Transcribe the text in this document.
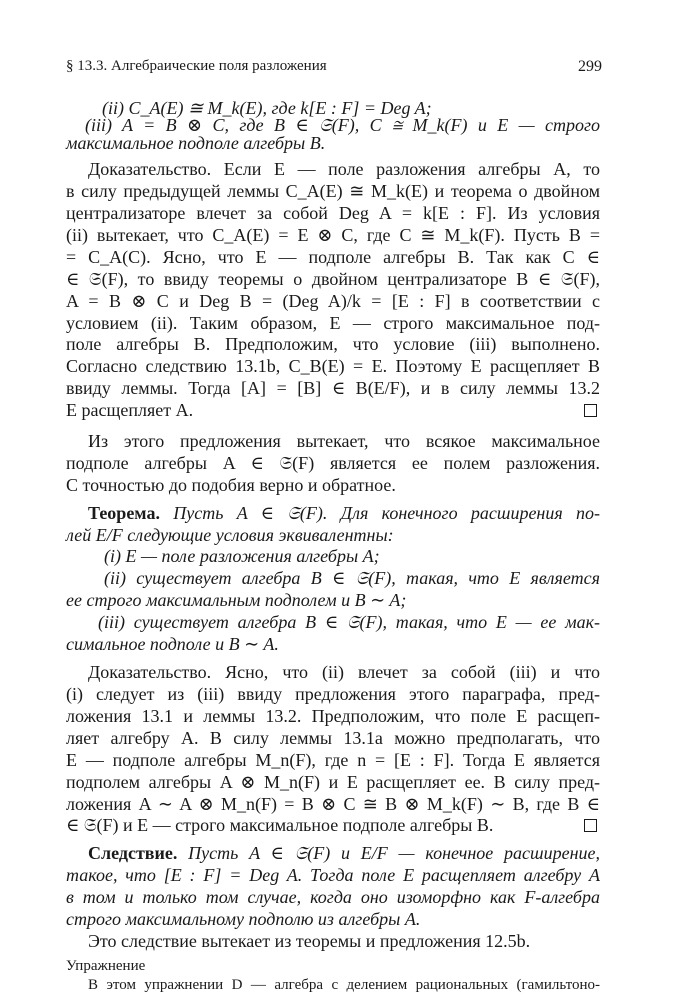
§ 13.3. Алгебраические поля разложения	299
(ii) C_A(E) ≅ M_k(E), где k[E : F] = Deg A;
(iii) A = B ⊗ C, где B ∈ 𝔖(F), C ≅ M_k(F) и E — строго
максимальное подполе алгебры B.
Доказательство. Если E — поле разложения алгебры A, то
в силу предыдущей леммы C_A(E) ≅ M_k(E) и теорема о двойном
централизаторе влечет за собой Deg A = k[E : F]. Из условия
(ii) вытекает, что C_A(E) = E ⊗ C, где C ≅ M_k(F). Пусть B =
= C_A(C). Ясно, что E — подполе алгебры B. Так как C ∈
∈ 𝔖(F), то ввиду теоремы о двойном централизаторе B ∈ 𝔖(F),
A = B ⊗ C и Deg B = (Deg A)/k = [E : F] в соответствии с
условием (ii). Таким образом, E — строго максимальное под-
поле алгебры B. Предположим, что условие (iii) выполнено.
Согласно следствию 13.1b, C_B(E) = E. Поэтому E расщепляет B
ввиду леммы. Тогда [A] = [B] ∈ B(E/F), и в силу леммы 13.2
E расщепляет A.
Из этого предложения вытекает, что всякое максимальное
подполе алгебры A ∈ 𝔖(F) является ее полем разложения.
С точностью до подобия верно и обратное.
Теорема. Пусть A ∈ 𝔖(F). Для конечного расширения по-
лей E/F следующие условия эквивалентны:
(i) E — поле разложения алгебры A;
(ii) существует алгебра B ∈ 𝔖(F), такая, что E является
ее строго максимальным подполем и B ∼ A;
(iii) существует алгебра B ∈ 𝔖(F), такая, что E — ее мак-
симальное подполе и B ∼ A.
Доказательство. Ясно, что (ii) влечет за собой (iii) и что
(i) следует из (iii) ввиду предложения этого параграфа, пред-
ложения 13.1 и леммы 13.2. Предположим, что поле E расщеп-
ляет алгебру A. В силу леммы 13.1a можно предполагать, что
E — подполе алгебры M_n(F), где n = [E : F]. Тогда E является
подполем алгебры A ⊗ M_n(F) и E расщепляет ее. В силу пред-
ложения A ∼ A ⊗ M_n(F) = B ⊗ C ≅ B ⊗ M_k(F) ∼ B, где B ∈
∈ 𝔖(F) и E — строго максимальное подполе алгебры B.
Следствие. Пусть A ∈ 𝔖(F) и E/F — конечное расширение,
такое, что [E : F] = Deg A. Тогда поле E расщепляет алгебру A
в том и только том случае, когда оно изоморфно как F-алгебра
строго максимальному подполю из алгебры A.
Это следствие вытекает из теоремы и предложения 12.5b.
Упражнение
В этом упражнении D — алгебра с делением рациональных (гамильтоно-
